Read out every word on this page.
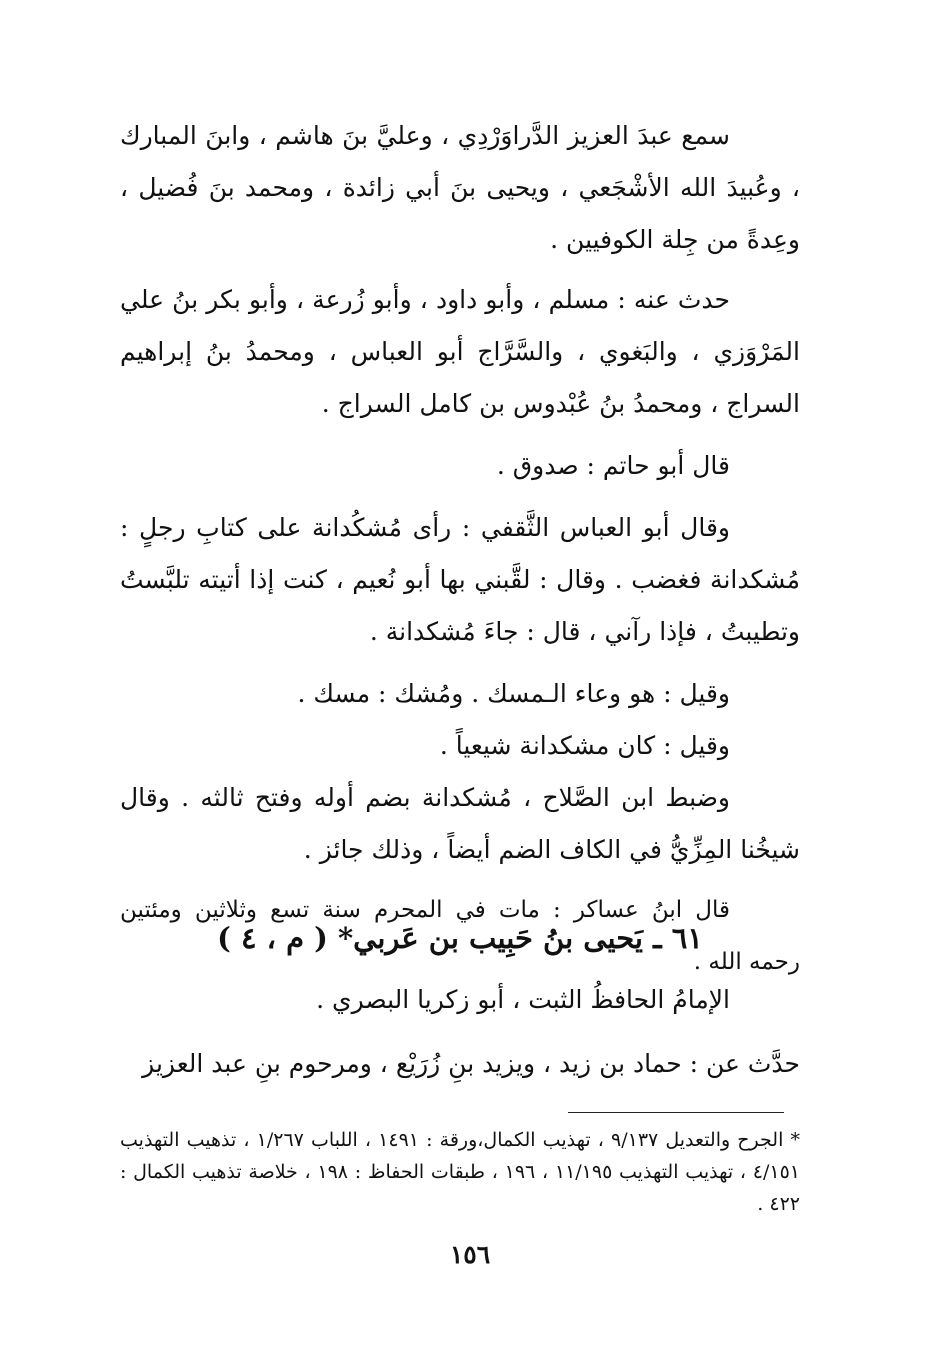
سمع عبدَ العزيز الدَّراوَرْدِي ، وعليَّ بنَ هاشم ، وابنَ المبارك ، وعُبيدَ الله الأشْجَعي ، ويحيى بنَ أبي زائدة ، ومحمد بنَ فُضيل ، وعِدةً من جِلة الكوفيين .

حدث عنه : مسلم ، وأبو داود ، وأبو زُرعة ، وأبو بكر بنُ علي المَرْوَزي ، والبَغوي ، والسَّرَّاج أبو العباس ، ومحمدُ بنُ إبراهيم السراج ، ومحمدُ بنُ عُبْدوس بن كامل السراج .

قال أبو حاتم : صدوق .

وقال أبو العباس الثَّقفي : رأى مُشكُدانة على كتابِ رجلٍ : مُشكدانة فغضب . وقال : لقَّبني بها أبو نُعيم ، كنت إذا أتيته تلبَّستُ وتطيبتُ ، فإذا رآني ، قال : جاءَ مُشكدانة .

وقيل : هو وعاء الـمسك . ومُشك : مسك .

وقيل : كان مشكدانة شيعياً .

وضبط ابن الصَّلاح ، مُشكدانة بضم أوله وفتح ثالثه . وقال شيخُنا المِزِّيُّ في الكاف الضم أيضاً ، وذلك جائز .

قال ابنُ عساكر : مات في المحرم سنة تسع وثلاثين ومئتين رحمه الله .

٦١ ـ يَحيى بنُ حَبِيب بن عَربي* ( م ، ٤ )

الإمامُ الحافظُ الثبت ، أبو زكريا البصري .

حدَّث عن : حماد بن زيد ، ويزيد بنِ زُرَيْع ، ومرحوم بنِ عبد العزيز

* الجرح والتعديل ٩/١٣٧ ، تهذيب الكمال،ورقة : ١٤٩١ ، اللباب ١/٢٦٧ ، تذهيب التهذيب ٤/١٥١ ، تهذيب التهذيب ١١/١٩٥ ، ١٩٦ ، طبقات الحفاظ : ١٩٨ ، خلاصة تذهيب الكمال : ٤٢٢ .

١٥٦
